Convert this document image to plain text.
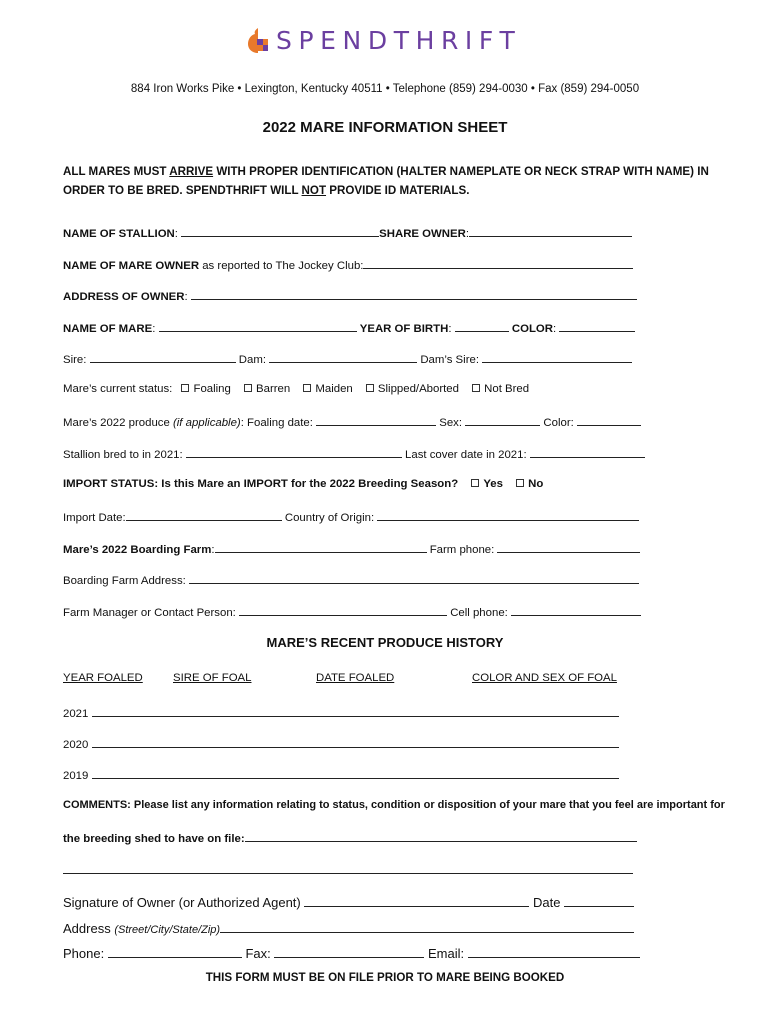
SPENDTHRIFT
884 Iron Works Pike • Lexington, Kentucky 40511 • Telephone (859) 294-0030 • Fax (859) 294-0050
2022 MARE INFORMATION SHEET
ALL MARES MUST ARRIVE WITH PROPER IDENTIFICATION (HALTER NAMEPLATE OR NECK STRAP WITH NAME) IN ORDER TO BE BRED. SPENDTHRIFT WILL NOT PROVIDE ID MATERIALS.
NAME OF STALLION:	SHARE OWNER:
NAME OF MARE OWNER as reported to The Jockey Club:
ADDRESS OF OWNER:
NAME OF MARE:	YEAR OF BIRTH:	COLOR:
Sire:	Dam:	Dam’s Sire:
Mare’s current status: Foaling Barren Maiden Slipped/Aborted Not Bred
Mare’s 2022 produce (if applicable): Foaling date:	Sex:	Color:
Stallion bred to in 2021:	Last cover date in 2021:
IMPORT STATUS: Is this Mare an IMPORT for the 2022 Breeding Season? Yes No
Import Date:	Country of Origin:
Mare’s 2022 Boarding Farm:	Farm phone:
Boarding Farm Address:
Farm Manager or Contact Person:	Cell phone:
MARE’S RECENT PRODUCE HISTORY
YEAR FOALED	SIRE OF FOAL	DATE FOALED	COLOR AND SEX OF FOAL
2021
2020
2019
COMMENTS: Please list any information relating to status, condition or disposition of your mare that you feel are important for
the breeding shed to have on file:
Signature of Owner (or Authorized Agent)	Date
Address (Street/City/State/Zip)
Phone:	Fax:	Email:
THIS FORM MUST BE ON FILE PRIOR TO MARE BEING BOOKED
